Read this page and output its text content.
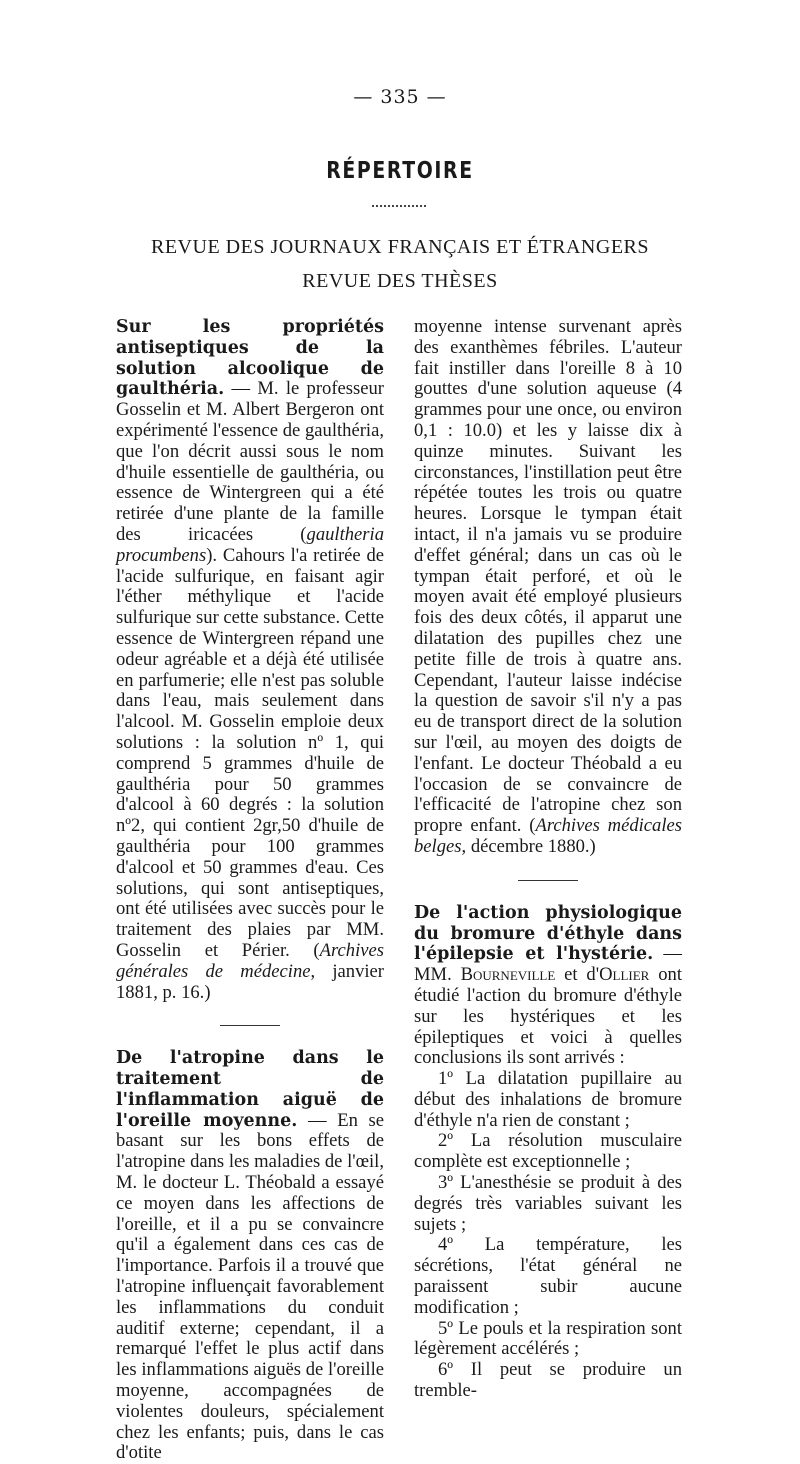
— 335 —
RÉPERTOIRE
REVUE DES JOURNAUX FRANÇAIS ET ÉTRANGERS
REVUE DES THÈSES

Sur les propriétés antiseptiques de la solution alcoolique de gaulthéria. — M. le professeur Gosselin et M. Albert Bergeron ont expérimenté l'essence de gaulthéria, que l'on décrit aussi sous le nom d'huile essentielle de gaulthéria, ou essence de Wintergreen qui a été retirée d'une plante de la famille des iricacées (gaultheria procumbens). Cahours l'a retirée de l'acide sulfurique, en faisant agir l'éther méthylique et l'acide sulfurique sur cette substance. Cette essence de Wintergreen répand une odeur agréable et a déjà été utilisée en parfumerie; elle n'est pas soluble dans l'eau, mais seulement dans l'alcool. M. Gosselin emploie deux solutions : la solution nº 1, qui comprend 5 grammes d'huile de gaulthéria pour 50 grammes d'alcool à 60 degrés : la solution nº2, qui contient 2gr,50 d'huile de gaulthéria pour 100 grammes d'alcool et 50 grammes d'eau. Ces solutions, qui sont antiseptiques, ont été utilisées avec succès pour le traitement des plaies par MM. Gosselin et Périer. (Archives générales de médecine, janvier 1881, p. 16.)

De l'atropine dans le traitement de l'inflammation aiguë de l'oreille moyenne. — En se basant sur les bons effets de l'atropine dans les maladies de l'œil, M. le docteur L. Théobald a essayé ce moyen dans les affections de l'oreille, et il a pu se convaincre qu'il a également dans ces cas de l'importance. Parfois il a trouvé que l'atropine influençait favorablement les inflammations du conduit auditif externe; cependant, il a remarqué l'effet le plus actif dans les inflammations aiguës de l'oreille moyenne, accompagnées de violentes douleurs, spécialement chez les enfants; puis, dans le cas d'otite

moyenne intense survenant après des exanthèmes fébriles. L'auteur fait instiller dans l'oreille 8 à 10 gouttes d'une solution aqueuse (4 grammes pour une once, ou environ 0,1 : 10.0) et les y laisse dix à quinze minutes. Suivant les circonstances, l'instillation peut être répétée toutes les trois ou quatre heures. Lorsque le tympan était intact, il n'a jamais vu se produire d'effet général; dans un cas où le tympan était perforé, et où le moyen avait été employé plusieurs fois des deux côtés, il apparut une dilatation des pupilles chez une petite fille de trois à quatre ans. Cependant, l'auteur laisse indécise la question de savoir s'il n'y a pas eu de transport direct de la solution sur l'œil, au moyen des doigts de l'enfant. Le docteur Théobald a eu l'occasion de se convaincre de l'efficacité de l'atropine chez son propre enfant. (Archives médicales belges, décembre 1880.)

De l'action physiologique du bromure d'éthyle dans l'épilepsie et l'hystérie. — MM. Bourneville et d'Ollier ont étudié l'action du bromure d'éthyle sur les hystériques et les épileptiques et voici à quelles conclusions ils sont arrivés :

1º La dilatation pupillaire au début des inhalations de bromure d'éthyle n'a rien de constant ;

2º La résolution musculaire complète est exceptionnelle ;

3º L'anesthésie se produit à des degrés très variables suivant les sujets ;

4º La température, les sécrétions, l'état général ne paraissent subir aucune modification ;

5º Le pouls et la respiration sont légèrement accélérés ;

6º Il peut se produire un tremble-
